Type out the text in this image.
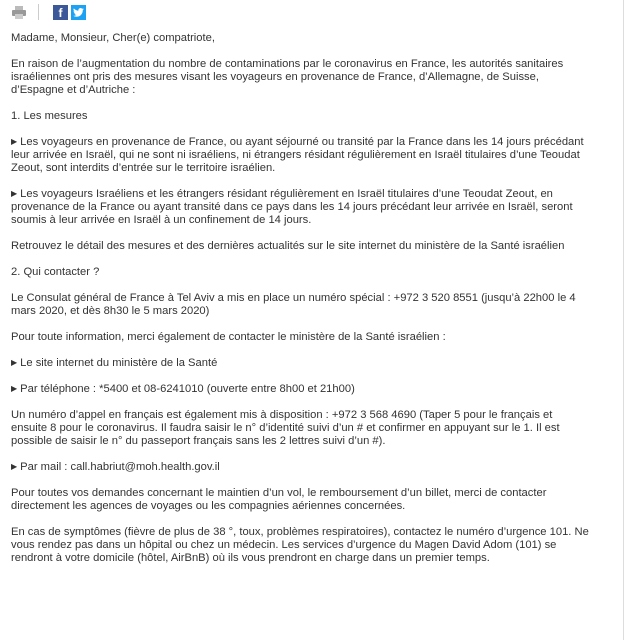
f

Madame, Monsieur, Cher(e) compatriote,

En raison de l’augmentation du nombre de contaminations par le coronavirus en France, les autorités sanitaires
israéliennes ont pris des mesures visant les voyageurs en provenance de France, d’Allemagne, de Suisse,
d’Espagne et d’Autriche :

1. Les mesures

▶ Les voyageurs en provenance de France, ou ayant séjourné ou transité par la France dans les 14 jours précédant
leur arrivée en Israël, qui ne sont ni israéliens, ni étrangers résidant régulièrement en Israël titulaires d’une Teoudat
Zeout, sont interdits d’entrée sur le territoire israélien.

▶ Les voyageurs Israéliens et les étrangers résidant régulièrement en Israël titulaires d’une Teoudat Zeout, en
provenance de la France ou ayant transité dans ce pays dans les 14 jours précédant leur arrivée en Israël, seront
soumis à leur arrivée en Israël à un confinement de 14 jours.

Retrouvez le détail des mesures et des dernières actualités sur le site internet du ministère de la Santé israélien

2. Qui contacter ?

Le Consulat général de France à Tel Aviv a mis en place un numéro spécial : +972 3 520 8551 (jusqu’à 22h00 le 4
mars 2020, et dès 8h30 le 5 mars 2020)

Pour toute information, merci également de contacter le ministère de la Santé israélien :

▶ Le site internet du ministère de la Santé

▶ Par téléphone : *5400 et 08-6241010 (ouverte entre 8h00 et 21h00)

Un numéro d’appel en français est également mis à disposition : +972 3 568 4690 (Taper 5 pour le français et
ensuite 8 pour le coronavirus. Il faudra saisir le n° d’identité suivi d’un # et confirmer en appuyant sur le 1. Il est
possible de saisir le n° du passeport français sans les 2 lettres suivi d’un #).

▶ Par mail : call.habriut@moh.health.gov.il

Pour toutes vos demandes concernant le maintien d’un vol, le remboursement d’un billet, merci de contacter
directement les agences de voyages ou les compagnies aériennes concernées.

En cas de symptômes (fièvre de plus de 38 °, toux, problèmes respiratoires), contactez le numéro d’urgence 101. Ne
vous rendez pas dans un hôpital ou chez un médecin. Les services d’urgence du Magen David Adom (101) se
rendront à votre domicile (hôtel, AirBnB) où ils vous prendront en charge dans un premier temps.
